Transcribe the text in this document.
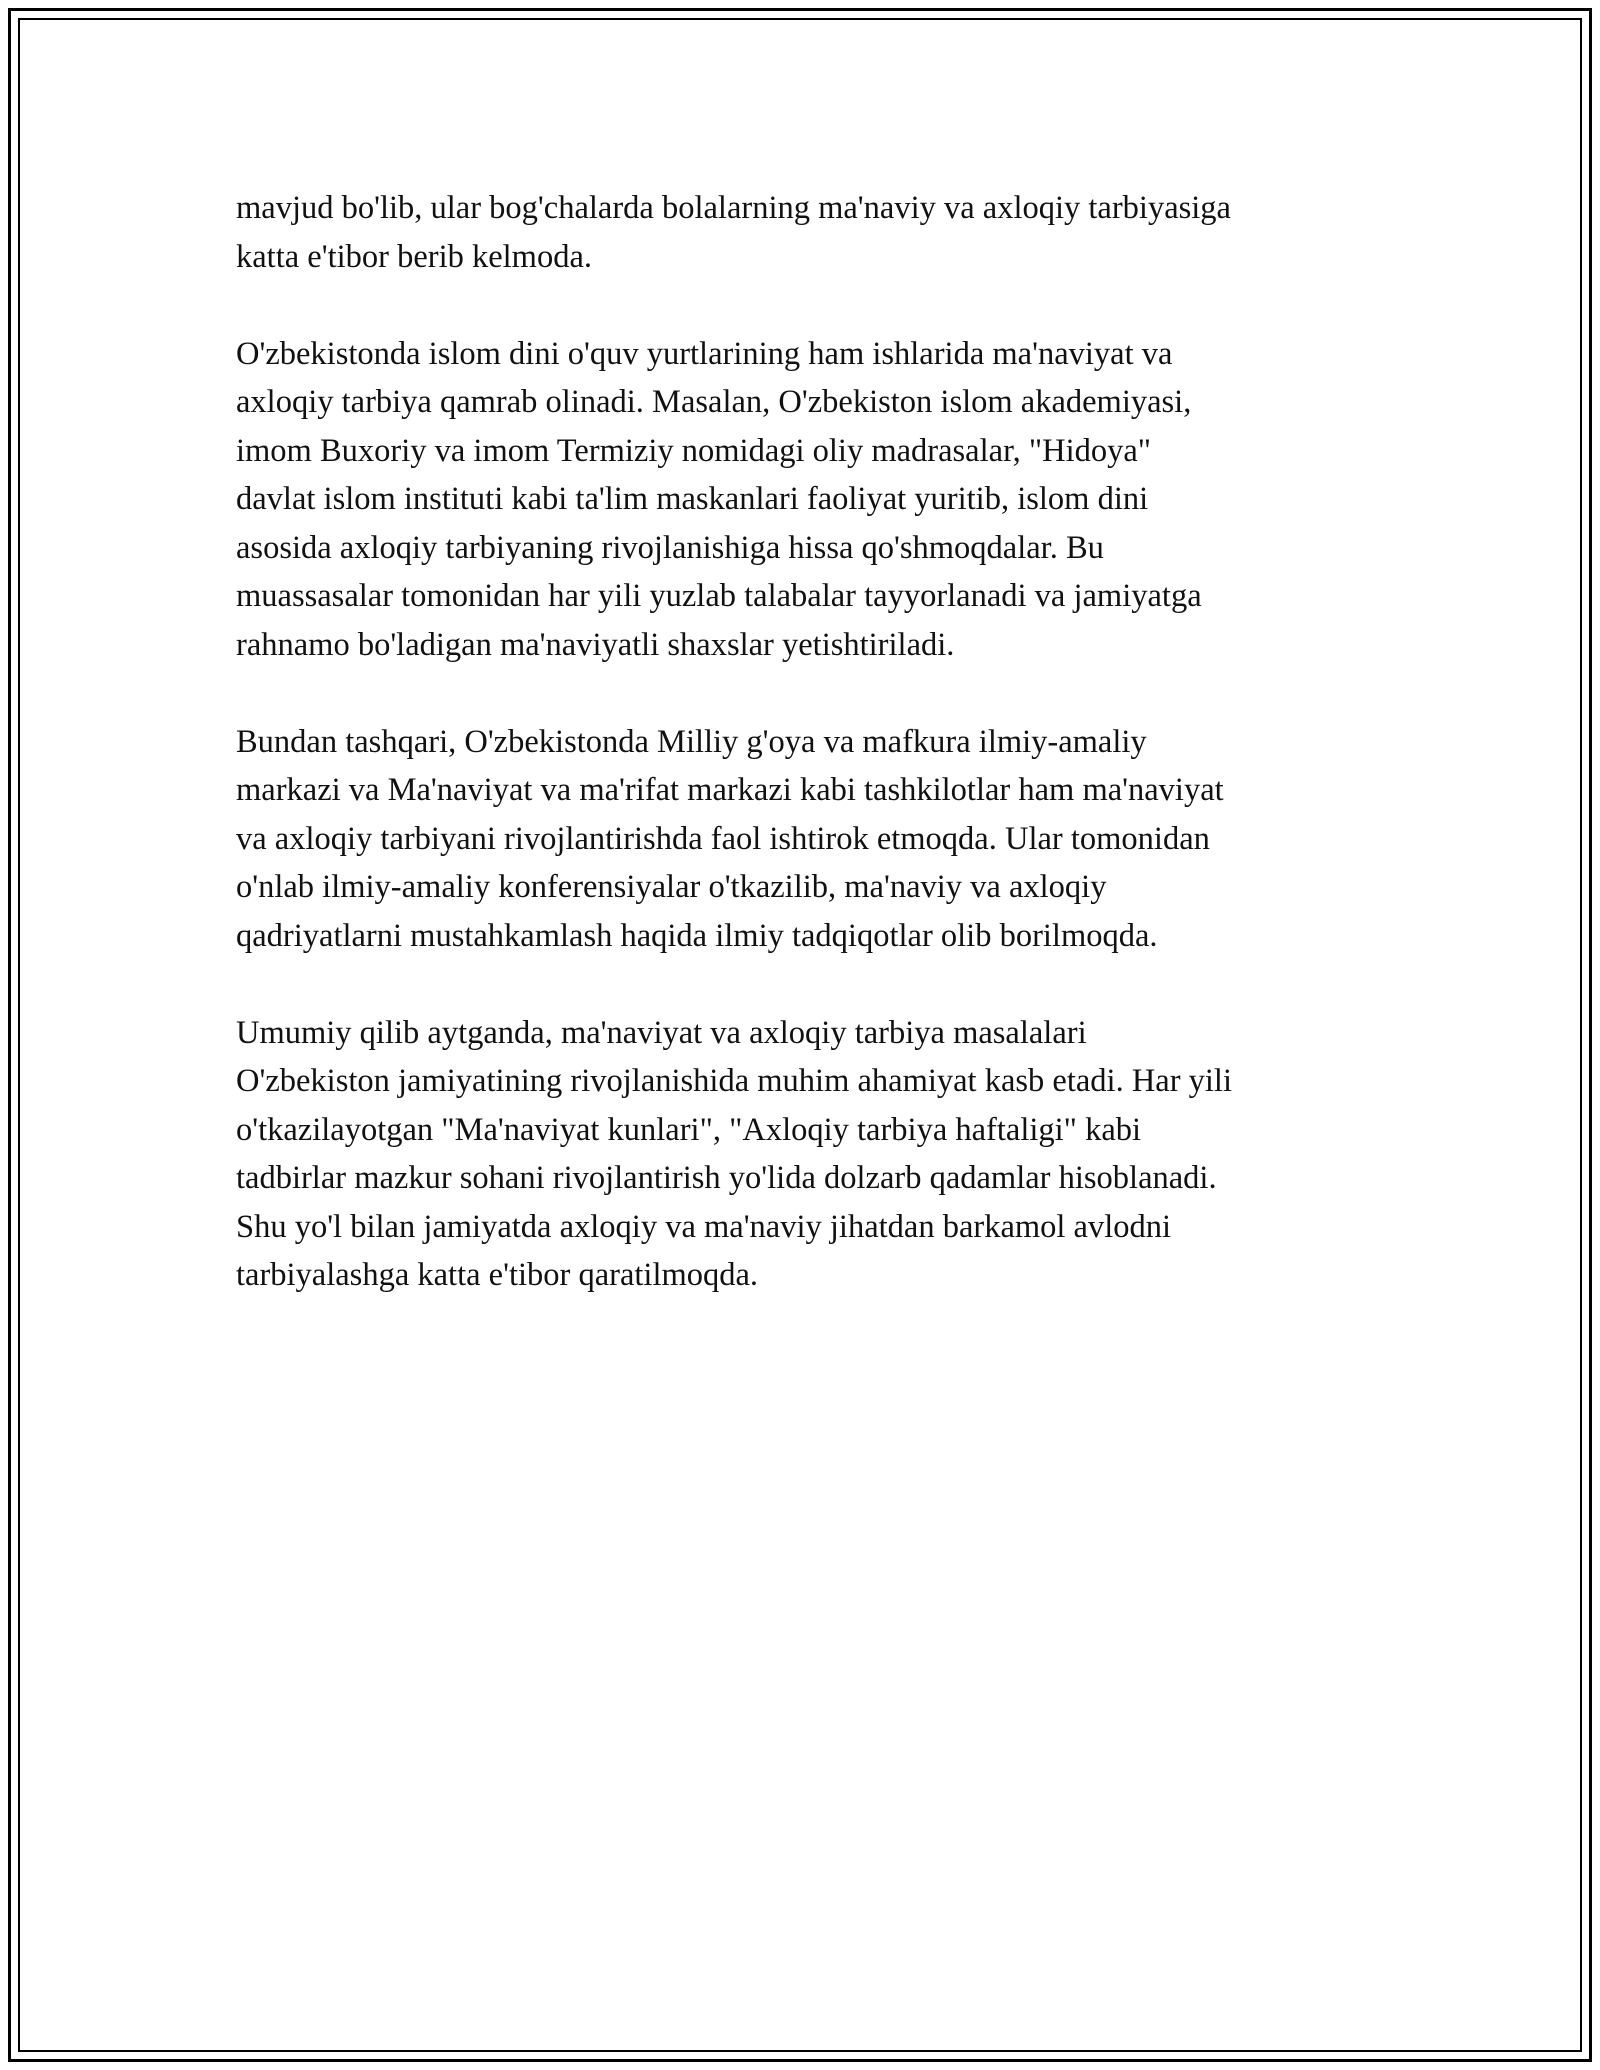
mavjud bo'lib, ular bog'chalarda bolalarning ma'naviy va axloqiy tarbiyasiga
katta e'tibor berib kelmoda.

O'zbekistonda islom dini o'quv yurtlarining ham ishlarida ma'naviyat va
axloqiy tarbiya qamrab olinadi. Masalan, O'zbekiston islom akademiyasi,
imom Buxoriy va imom Termiziy nomidagi oliy madrasalar, "Hidoya"
davlat islom instituti kabi ta'lim maskanlari faoliyat yuritib, islom dini
asosida axloqiy tarbiyaning rivojlanishiga hissa qo'shmoqdalar. Bu
muassasalar tomonidan har yili yuzlab talabalar tayyorlanadi va jamiyatga
rahnamo bo'ladigan ma'naviyatli shaxslar yetishtiriladi.

Bundan tashqari, O'zbekistonda Milliy g'oya va mafkura ilmiy-amaliy
markazi va Ma'naviyat va ma'rifat markazi kabi tashkilotlar ham ma'naviyat
va axloqiy tarbiyani rivojlantirishda faol ishtirok etmoqda. Ular tomonidan
o'nlab ilmiy-amaliy konferensiyalar o'tkazilib, ma'naviy va axloqiy
qadriyatlarni mustahkamlash haqida ilmiy tadqiqotlar olib borilmoqda.

Umumiy qilib aytganda, ma'naviyat va axloqiy tarbiya masalalari
O'zbekiston jamiyatining rivojlanishida muhim ahamiyat kasb etadi. Har yili
o'tkazilayotgan "Ma'naviyat kunlari", "Axloqiy tarbiya haftaligi" kabi
tadbirlar mazkur sohani rivojlantirish yo'lida dolzarb qadamlar hisoblanadi.
Shu yo'l bilan jamiyatda axloqiy va ma'naviy jihatdan barkamol avlodni
tarbiyalashga katta e'tibor qaratilmoqda.
